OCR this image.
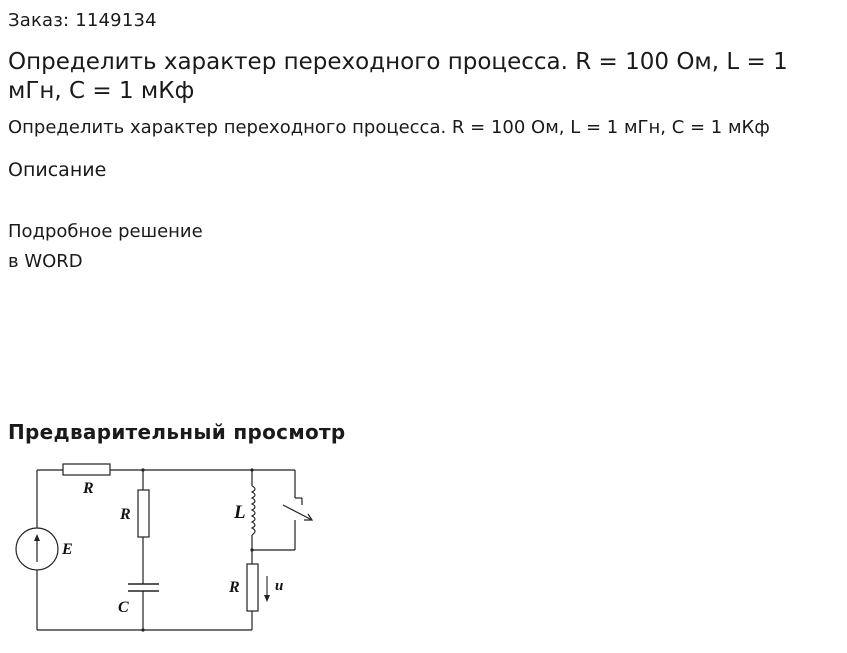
Заказ: 1149134
Определить характер переходного процесса. R = 100 Ом, L = 1 мГн, C = 1 мКф
Определить характер переходного процесса. R = 100 Ом, L = 1 мГн, C = 1 мКф
Описание
Подробное решение
в WORD
Предварительный просмотр
R
R
C
L
R
E
u
